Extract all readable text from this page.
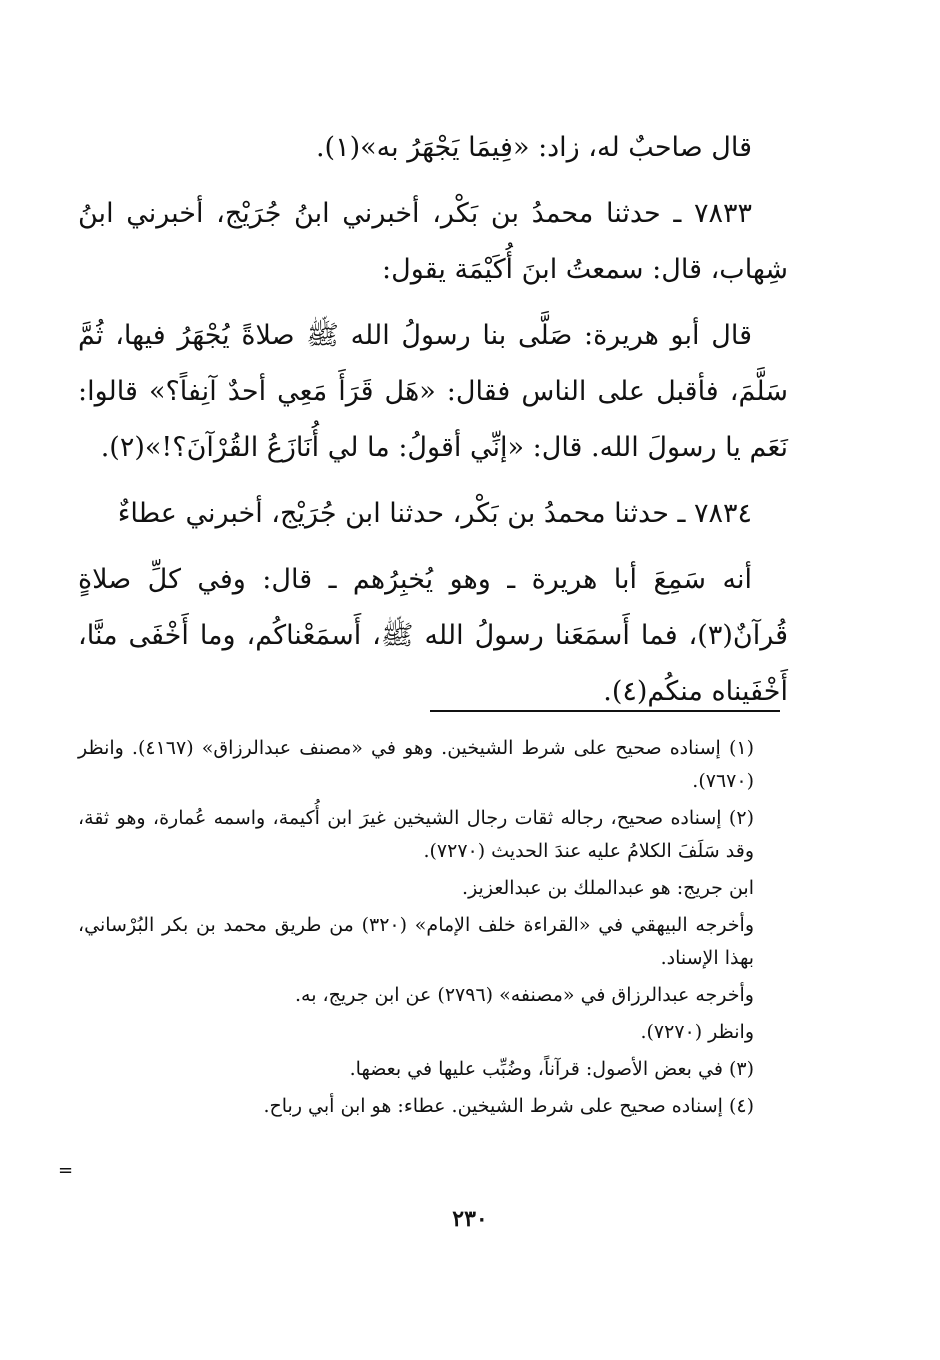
قال صاحبٌ له، زاد: «فِيمَا يَجْهَرُ به»(١).

٧٨٣٣ ـ حدثنا محمدُ بن بَكْر، أخبرني ابنُ جُرَيْج، أخبرني ابنُ شِهاب، قال: سمعتُ ابنَ أُكَيْمَة يقول:

قال أبو هريرة: صَلَّى بنا رسولُ الله ﷺ صلاةً يُجْهَرُ فيها، ثُمَّ سَلَّمَ، فأقبل على الناس فقال: «هَل قَرَأَ مَعِي أحدٌ آنِفاً؟» قالوا: نَعَم يا رسولَ الله. قال: «إنِّي أقولُ: ما لي أُنَازَعُ القُرْآنَ؟!»(٢).

٧٨٣٤ ـ حدثنا محمدُ بن بَكْر، حدثنا ابن جُرَيْج، أخبرني عطاءٌ

أنه سَمِعَ أبا هريرة ـ وهو يُخبِرُهم ـ قال: وفي كلِّ صلاةٍ قُرآنٌ(٣)، فما أَسمَعَنا رسولُ الله ﷺ، أَسمَعْناكُم، وما أَخْفَى منَّا، أَخْفَيناه منكُم(٤).

(١) إسناده صحيح على شرط الشيخين. وهو في «مصنف عبدالرزاق» (٤١٦٧). وانظر (٧٦٧٠).

(٢) إسناده صحيح، رجاله ثقات رجال الشيخين غيرَ ابن أُكيمة، واسمه عُمارة، وهو ثقة، وقد سَلَفَ الكلامُ عليه عندَ الحديث (٧٢٧٠).

ابن جريج: هو عبدالملك بن عبدالعزيز.

وأخرجه البيهقي في «القراءة خلف الإمام» (٣٢٠) من طريق محمد بن بكر البُرْساني، بهذا الإسناد.

وأخرجه عبدالرزاق في «مصنفه» (٢٧٩٦) عن ابن جريج، به.

وانظر (٧٢٧٠).

(٣) في بعض الأصول: قرآناً، وضُبِّب عليها في بعضها.

(٤) إسناده صحيح على شرط الشيخين. عطاء: هو ابن أبي رباح.

=
٢٣٠
